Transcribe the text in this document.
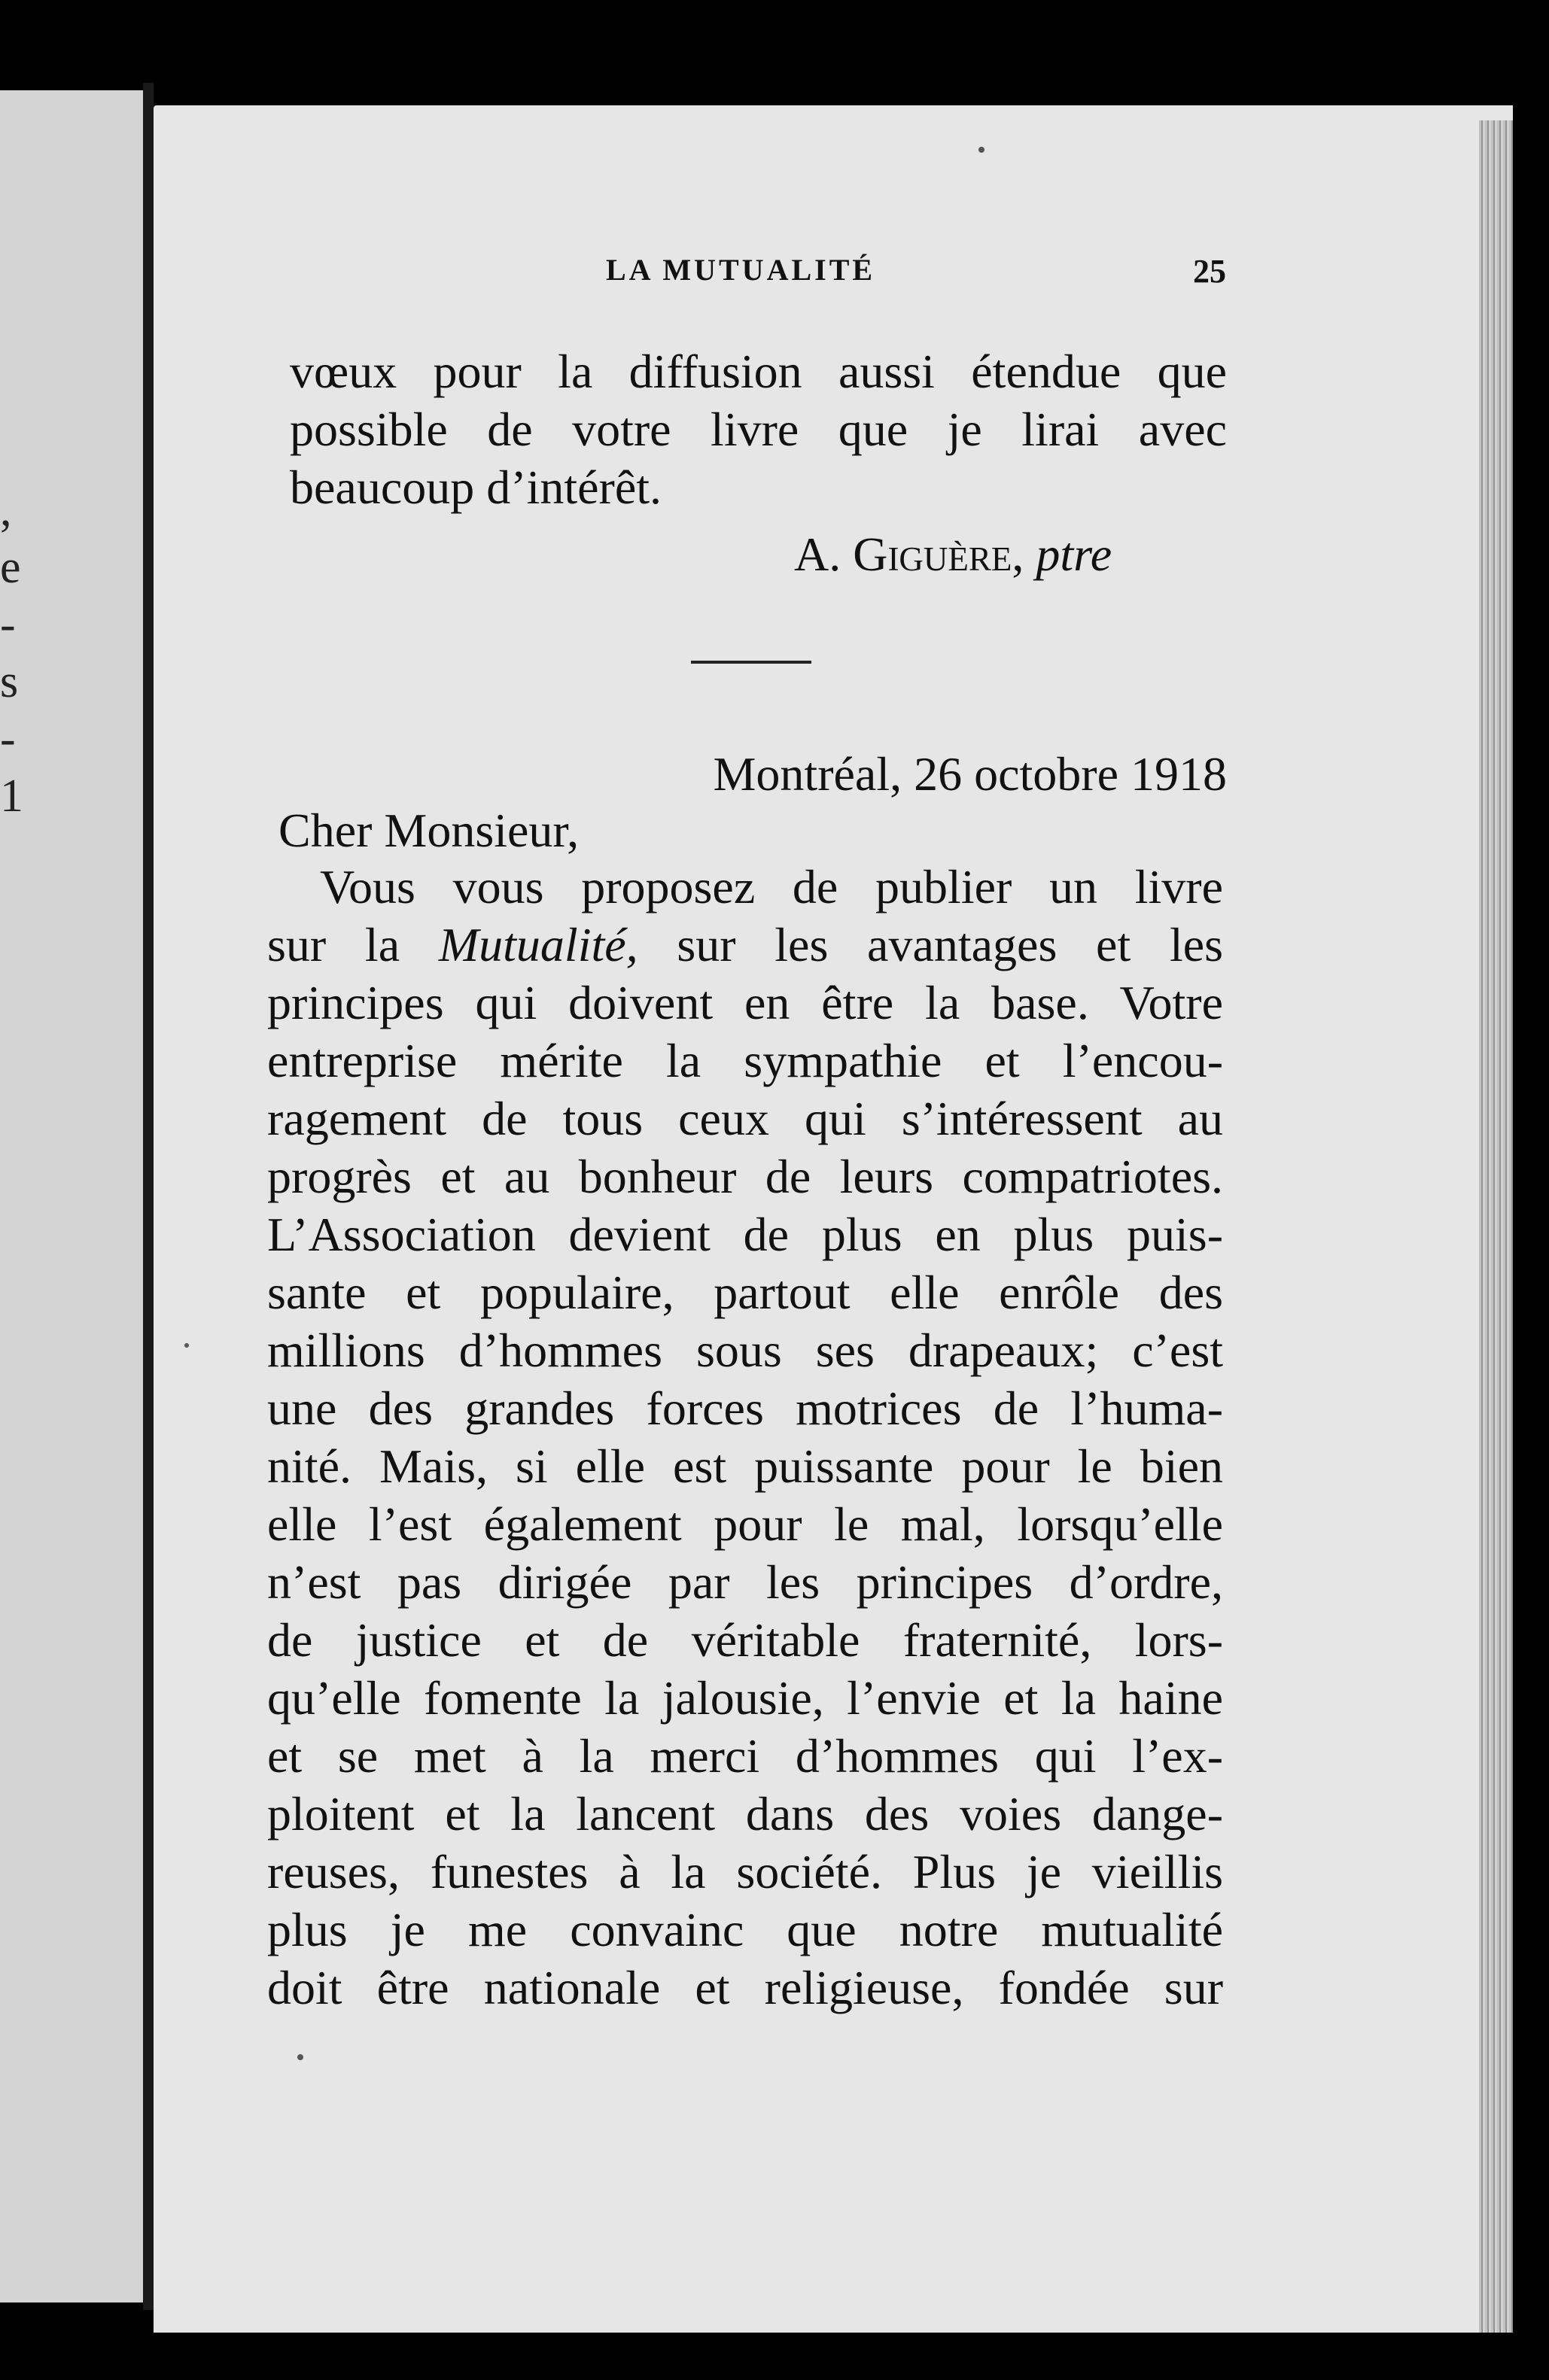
,
e
-
s
-
1
LA MUTUALITÉ	25
vœux pour la diffusion aussi étendue que possible de votre livre que je lirai avec beaucoup d’intérêt.
A. Giguère, ptre
Montréal, 26 octobre 1918
Cher Monsieur,
Vous vous proposez de publier un livre
sur la Mutualité, sur les avantages et les
principes qui doivent en être la base. Votre
entreprise mérite la sympathie et l’encou-
ragement de tous ceux qui s’intéressent au
progrès et au bonheur de leurs compatriotes.
L’Association devient de plus en plus puis-
sante et populaire, partout elle enrôle des
millions d’hommes sous ses drapeaux; c’est
une des grandes forces motrices de l’huma-
nité. Mais, si elle est puissante pour le bien
elle l’est également pour le mal, lorsqu’elle
n’est pas dirigée par les principes d’ordre,
de justice et de véritable fraternité, lors-
qu’elle fomente la jalousie, l’envie et la haine
et se met à la merci d’hommes qui l’ex-
ploitent et la lancent dans des voies dange-
reuses, funestes à la société. Plus je vieillis
plus je me convainc que notre mutualité
doit être nationale et religieuse, fondée sur
